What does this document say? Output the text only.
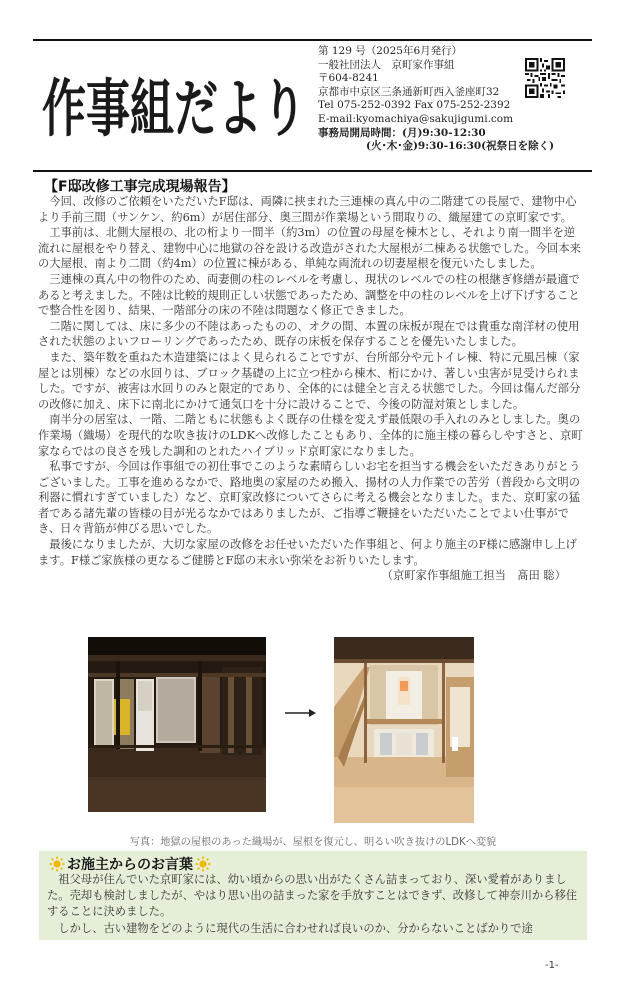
作事組だより
第 129 号（2025年6月発行）
一般社団法人　京町家作事組
〒604-8241
京都市中京区三条通新町西入釜座町32
Tel 075-252-0392 Fax 075-252-2392
E-mail:kyomachiya@sakujigumi.com
事務局開局時間：(月)9:30-12:30
(火･木･金)9:30-16:30(祝祭日を除く)
【F邸改修工事完成現場報告】

今回、改修のご依頼をいただいたF邸は、両隣に挟まれた三連棟の真ん中の二階建ての長屋で、建物中心より手前三間（サンケン、約6m）が居住部分、奥三間が作業場という間取りの、織屋建ての京町家です。

工事前は、北側大屋根の、北の桁より一間半（約3m）の位置の母屋を棟木とし、それより南一間半を逆流れに屋根をやり替え、建物中心に地獄の谷を設ける改造がされた大屋根が二棟ある状態でした。今回本来の大屋根、南より二間（約4m）の位置に棟がある、単純な両流れの切妻屋根を復元いたしました。

三連棟の真ん中の物件のため、両妻側の柱のレベルを考慮し、現状のレベルでの柱の根継ぎ修繕が最適であると考えました。不陸は比較的規則正しい状態であったため、調整を中の柱のレベルを上げ下げすることで整合性を図り、結果、一階部分の床の不陸は問題なく修正できました。

二階に関しては、床に多少の不陸はあったものの、オクの間、本置の床板が現在では貴重な南洋材の使用された状態のよいフローリングであったため、既存の床板を保存することを優先いたしました。

また、築年数を重ねた木造建築にはよく見られることですが、台所部分や元トイレ棟、特に元風呂棟（家屋とは別棟）などの水回りは、ブロック基礎の上に立つ柱から棟木、桁にかけ、著しい虫害が見受けられました。ですが、被害は水回りのみと限定的であり、全体的には健全と言える状態でした。今回は傷んだ部分の改修に加え、床下に南北にかけて通気口を十分に設けることで、今後の防湿対策としました。

南半分の居室は、一階、二階ともに状態もよく既存の仕様を変えず最低限の手入れのみとしました。奥の作業場（織場）を現代的な吹き抜けのLDKへ改修したこともあり、全体的に施主様の暮らしやすさと、京町家ならではの良さを残した調和のとれたハイブリッド京町家になりました。

私事ですが、今回は作事組での初仕事でこのような素晴らしいお宅を担当する機会をいただきありがとうございました。工事を進めるなかで、路地奥の家屋のため搬入、揚材の人力作業での苦労（普段から文明の利器に慣れすぎていました）など、京町家改修についてさらに考える機会となりました。また、京町家の猛者である諸先輩の皆様の目が光るなかではありましたが、ご指導ご鞭撻をいただいたことでよい仕事ができ、日々背筋が伸びる思いでした。

最後になりましたが、大切な家屋の改修をお任せいただいた作事組と、何より施主のF様に感謝申し上げます。F様ご家族様の更なるご健勝とF邸の末永い弥栄をお祈りいたします。

（京町家作事組施工担当　髙田 聡）

写真：地獄の屋根のあった織場が、屋根を復元し、明るい吹き抜けのLDKへ変貌
お施主からのお言葉

祖父母が住んでいた京町家には、幼い頃からの思い出がたくさん詰まっており、深い愛着がありました。売却も検討しましたが、やはり思い出の詰まった家を手放すことはできず、改修して神奈川から移住することに決めました。

しかし、古い建物をどのように現代の生活に合わせれば良いのか、分からないことばかりで途

-1-
